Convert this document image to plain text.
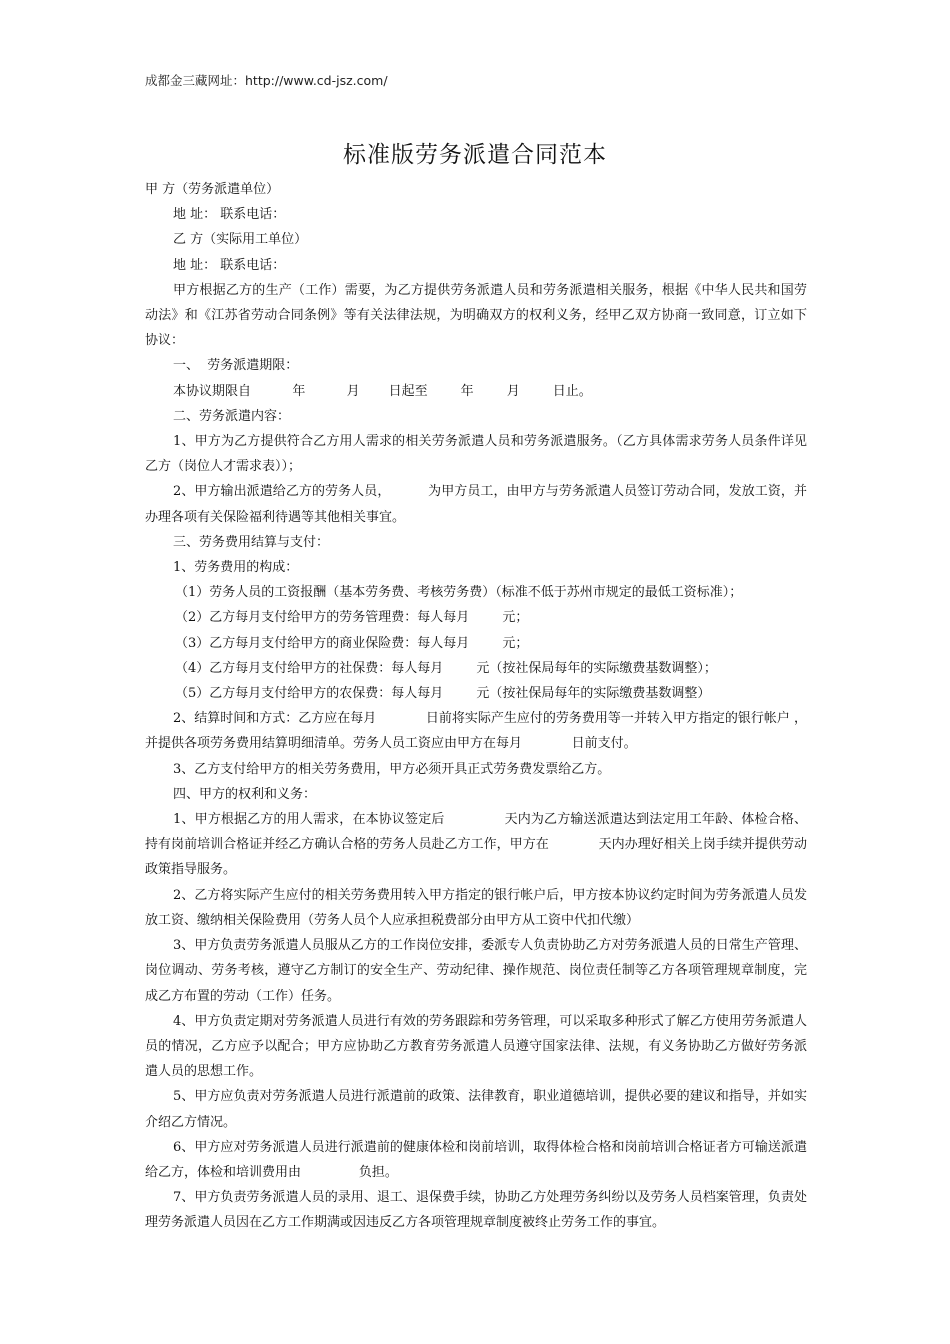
成都金三藏网址：http://www.cd-jsz.com/
标准版劳务派遣合同范本

甲 方（劳务派遣单位）

地 址： 联系电话：

乙 方（实际用工单位）

地 址： 联系电话：

甲方根据乙方的生产（工作）需要，为乙方提供劳务派遣人员和劳务派遣相关服务，根据《中华人民共和国劳动法》和《江苏省劳动合同条例》等有关法律法规，为明确双方的权利义务，经甲乙双方协商一致同意，订立如下协议：

一、  劳务派遣期限：

本协议期限自          年          月       日起至        年        月        日止。

二、劳务派遣内容：

1、甲方为乙方提供符合乙方用人需求的相关劳务派遣人员和劳务派遣服务。（乙方具体需求劳务人员条件详见乙方（岗位人才需求表））；

2、甲方输出派遣给乙方的劳务人员，         为甲方员工，由甲方与劳务派遣人员签订劳动合同，发放工资，并办理各项有关保险福利待遇等其他相关事宜。

三、劳务费用结算与支付：

1、劳务费用的构成：

（1）劳务人员的工资报酬（基本劳务费、考核劳务费）（标准不低于苏州市规定的最低工资标准）；

（2）乙方每月支付给甲方的劳务管理费：每人每月        元；

（3）乙方每月支付给甲方的商业保险费：每人每月        元；

（4）乙方每月支付给甲方的社保费：每人每月        元（按社保局每年的实际缴费基数调整）；

（5）乙方每月支付给甲方的农保费：每人每月        元（按社保局每年的实际缴费基数调整）

2、结算时间和方式：乙方应在每月            日前将实际产生应付的劳务费用等一并转入甲方指定的银行帐户 ，并提供各项劳务费用结算明细清单。劳务人员工资应由甲方在每月            日前支付。

3、乙方支付给甲方的相关劳务费用，甲方必须开具正式劳务费发票给乙方。

四、甲方的权利和义务：

1、甲方根据乙方的用人需求，在本协议签定后              天内为乙方输送派遣达到法定用工年龄、体检合格、持有岗前培训合格证并经乙方确认合格的劳务人员赴乙方工作，甲方在            天内办理好相关上岗手续并提供劳动政策指导服务。

2、乙方将实际产生应付的相关劳务费用转入甲方指定的银行帐户后，甲方按本协议约定时间为劳务派遣人员发放工资、缴纳相关保险费用（劳务人员个人应承担税费部分由甲方从工资中代扣代缴）

3、甲方负责劳务派遣人员服从乙方的工作岗位安排，委派专人负责协助乙方对劳务派遣人员的日常生产管理、岗位调动、劳务考核，遵守乙方制订的安全生产、劳动纪律、操作规范、岗位责任制等乙方各项管理规章制度，完成乙方布置的劳动（工作）任务。

4、甲方负责定期对劳务派遣人员进行有效的劳务跟踪和劳务管理，可以采取多种形式了解乙方使用劳务派遣人员的情况，乙方应予以配合；甲方应协助乙方教育劳务派遣人员遵守国家法律、法规，有义务协助乙方做好劳务派遣人员的思想工作。

5、甲方应负责对劳务派遣人员进行派遣前的政策、法律教育，职业道德培训，提供必要的建议和指导，并如实介绍乙方情况。

6、甲方应对劳务派遣人员进行派遣前的健康体检和岗前培训，取得体检合格和岗前培训合格证者方可输送派遣给乙方，体检和培训费用由              负担。

7、甲方负责劳务派遣人员的录用、退工、退保费手续，协助乙方处理劳务纠纷以及劳务人员档案管理，负责处理劳务派遣人员因在乙方工作期满或因违反乙方各项管理规章制度被终止劳务工作的事宜。
